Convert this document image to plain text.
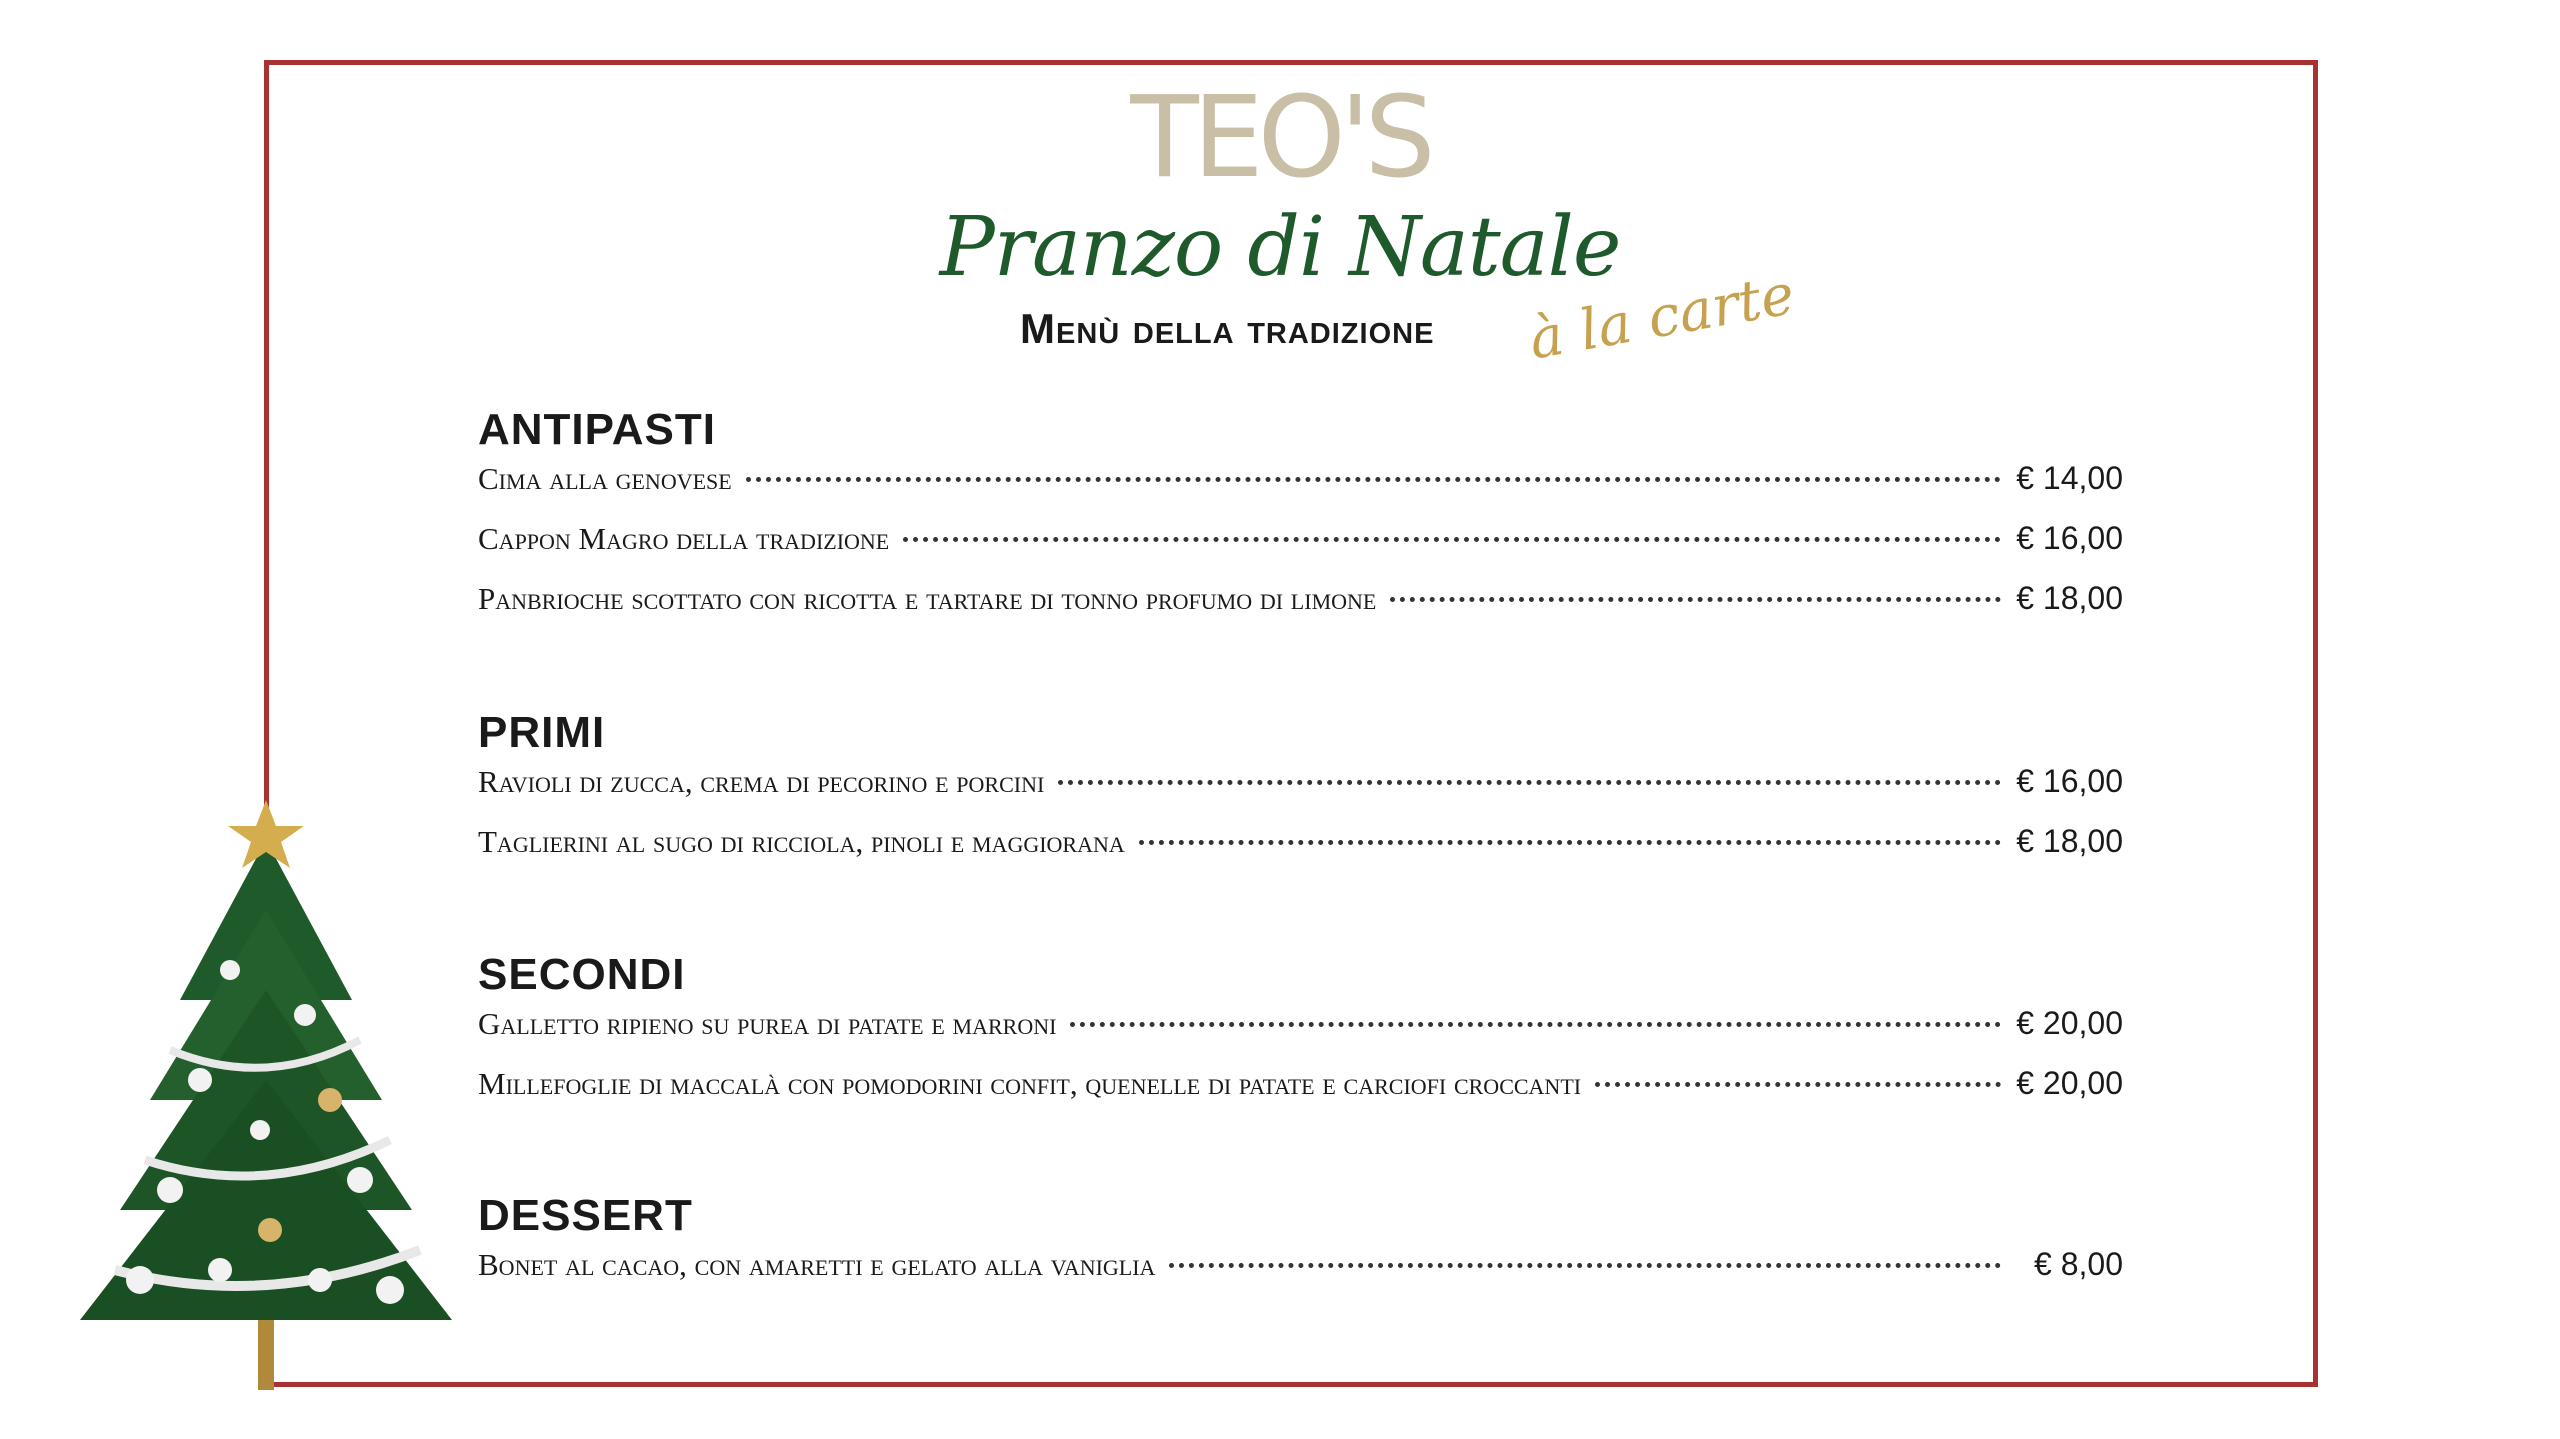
TEO'S
Pranzo di Natale
Menù della tradizione à la carte
ANTIPASTI
Cima alla genovese	€ 14,00
Cappon Magro della tradizione	€ 16,00
Panbrioche scottato con ricotta e tartare di tonno profumo di limone	€ 18,00
PRIMI
Ravioli di zucca, crema di pecorino e porcini	€ 16,00
Taglierini al sugo di ricciola, pinoli e maggiorana	€ 18,00
SECONDI
Galletto ripieno su purea di patate e marroni	€ 20,00
Millefoglie di maccalà con pomodorini confit, quenelle di patate e carciofi croccanti	€ 20,00
DESSERT
Bonet al cacao, con amaretti e gelato alla vaniglia	€ 8,00
